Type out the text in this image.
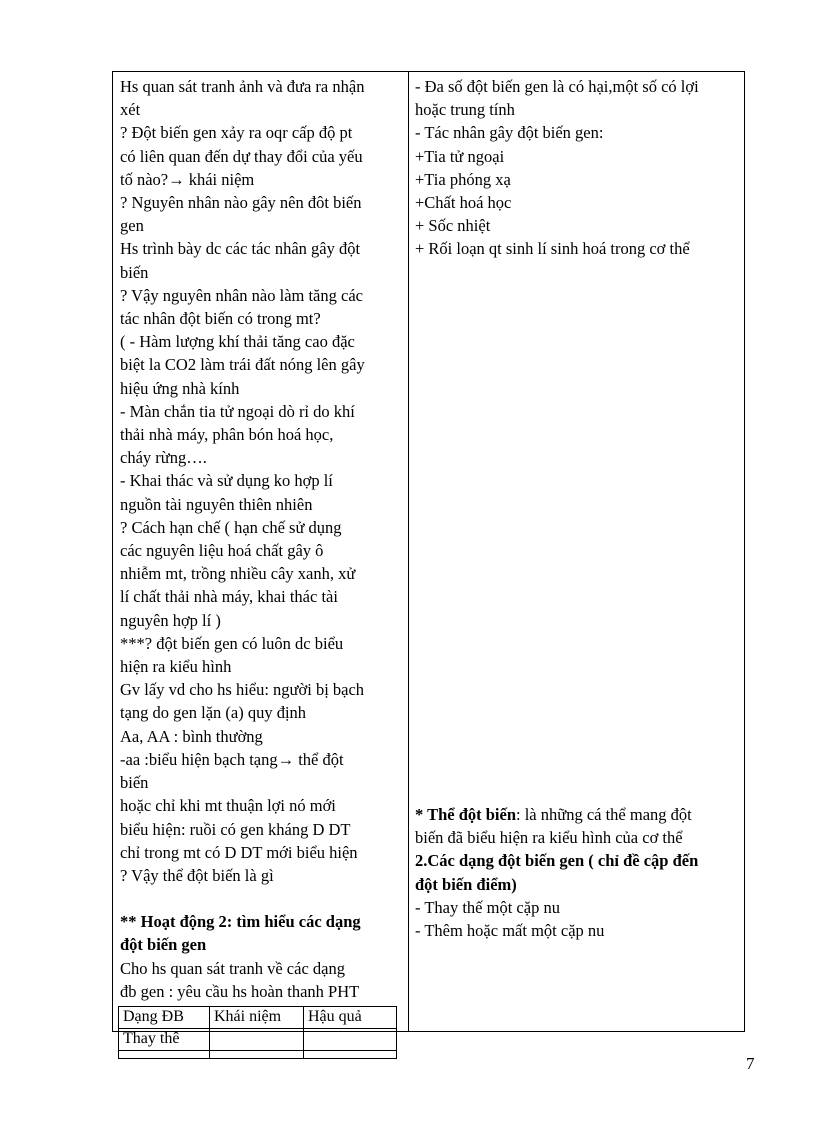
Hs quan sát tranh ảnh và đưa ra nhận
xét
? Đột biến gen xảy ra oqr cấp độ pt
có liên quan đến dự thay đổi của yếu
tố nào?→ khái niệm
? Nguyên nhân nào gây nên đôt biến
gen
Hs trình bày dc các tác nhân gây đột
biến
? Vậy nguyên nhân nào làm tăng các
tác nhân đột biến có trong mt?
( - Hàm lượng khí thải tăng cao đặc
biệt la CO2 làm trái đất nóng lên gây
hiệu ứng nhà kính
- Màn chắn tia tử ngoại dò rỉ do khí
thải nhà máy, phân bón hoá học,
cháy rừng….
- Khai thác và sử dụng ko hợp lí
nguồn tài nguyên thiên nhiên
? Cách hạn chế ( hạn chế sử dụng
các nguyên liệu hoá chất gây ô
nhiễm mt, trồng nhiều cây xanh, xử
lí chất thải nhà máy, khai thác tài
nguyên hợp lí )
***? đột biến gen có luôn dc biểu
hiện ra kiểu hình
Gv lấy vd cho hs hiểu: người bị bạch
tạng do gen lặn (a) quy định
Aa, AA : bình thường
-aa :biểu hiện bạch tạng→ thể đột
biến
hoặc chỉ khi mt thuận lợi nó mới
biểu hiện: ruồi có gen kháng D DT
chỉ trong mt có D DT mới biểu hiện
? Vậy thể đột biến là gì
** Hoạt động 2: tìm hiểu các dạng
đột biến gen
Cho hs quan sát tranh về các dạng
đb gen : yêu cầu hs hoàn thanh PHT
Dạng ĐB	Khái niệm	Hậu quả
Thay thê		

- Đa số đột biến gen là có hại,một số có lợi
hoặc trung tính
- Tác nhân gây đột biến gen:
+Tia tử ngoại
+Tia phóng xạ
+Chất hoá học
+ Sốc nhiệt
+ Rối loạn qt sinh lí sinh hoá trong cơ thể
* Thể đột biến: là những cá thể mang đột
biến đã biểu hiện ra kiểu hình của cơ thể
2.Các dạng đột biến gen ( chỉ đề cập đến
đột biến điểm)
- Thay thế một cặp nu
- Thêm hoặc mất một cặp nu
7
